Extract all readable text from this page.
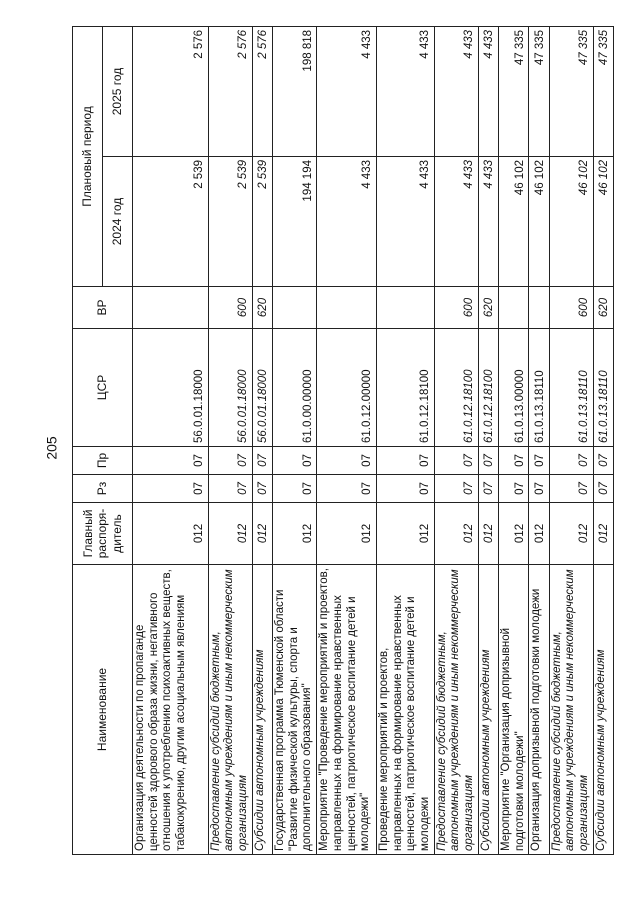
205
Наименование	Главный распоря-дитель	Рз	Пр	ЦСР	ВР	Плановый период	
						2024 год	2025 год
Организация деятельности по пропаганде ценностей здорового образа жизни, негативного отношения к употреблению психоактивных веществ, табакокурению, другим асоциальным явлениям	012	07	07	56.0.01.18000		2 539	2 576
Предоставление субсидий бюджетным, автономным учреждениям и иным некоммерческим организациям	012	07	07	56.0.01.18000	600	2 539	2 576
Субсидии автономным учреждениям	012	07	07	56.0.01.18000	620	2 539	2 576
Государственная программа Тюменской области "Развитие физической культуры, спорта и дополнительного образования"	012	07	07	61.0.00.00000		194 194	198 818
Мероприятие "Проведение мероприятий и проектов, направленных на формирование нравственных ценностей, патриотическое воспитание детей и молодежи"	012	07	07	61.0.12.00000		4 433	4 433
Проведение мероприятий и проектов, направленных на формирование нравственных ценностей, патриотическое воспитание детей и молодежи	012	07	07	61.0.12.18100		4 433	4 433
Предоставление субсидий бюджетным, автономным учреждениям и иным некоммерческим организациям	012	07	07	61.0.12.18100	600	4 433	4 433
Субсидии автономным учреждениям	012	07	07	61.0.12.18100	620	4 433	4 433
Мероприятие "Организация допризывной подготовки молодежи"	012	07	07	61.0.13.00000		46 102	47 335
Организация допризывной подготовки молодежи	012	07	07	61.0.13.18110		46 102	47 335
Предоставление субсидий бюджетным, автономным учреждениям и иным некоммерческим организациям	012	07	07	61.0.13.18110	600	46 102	47 335
Субсидии автономным учреждениям	012	07	07	61.0.13.18110	620	46 102	47 335
